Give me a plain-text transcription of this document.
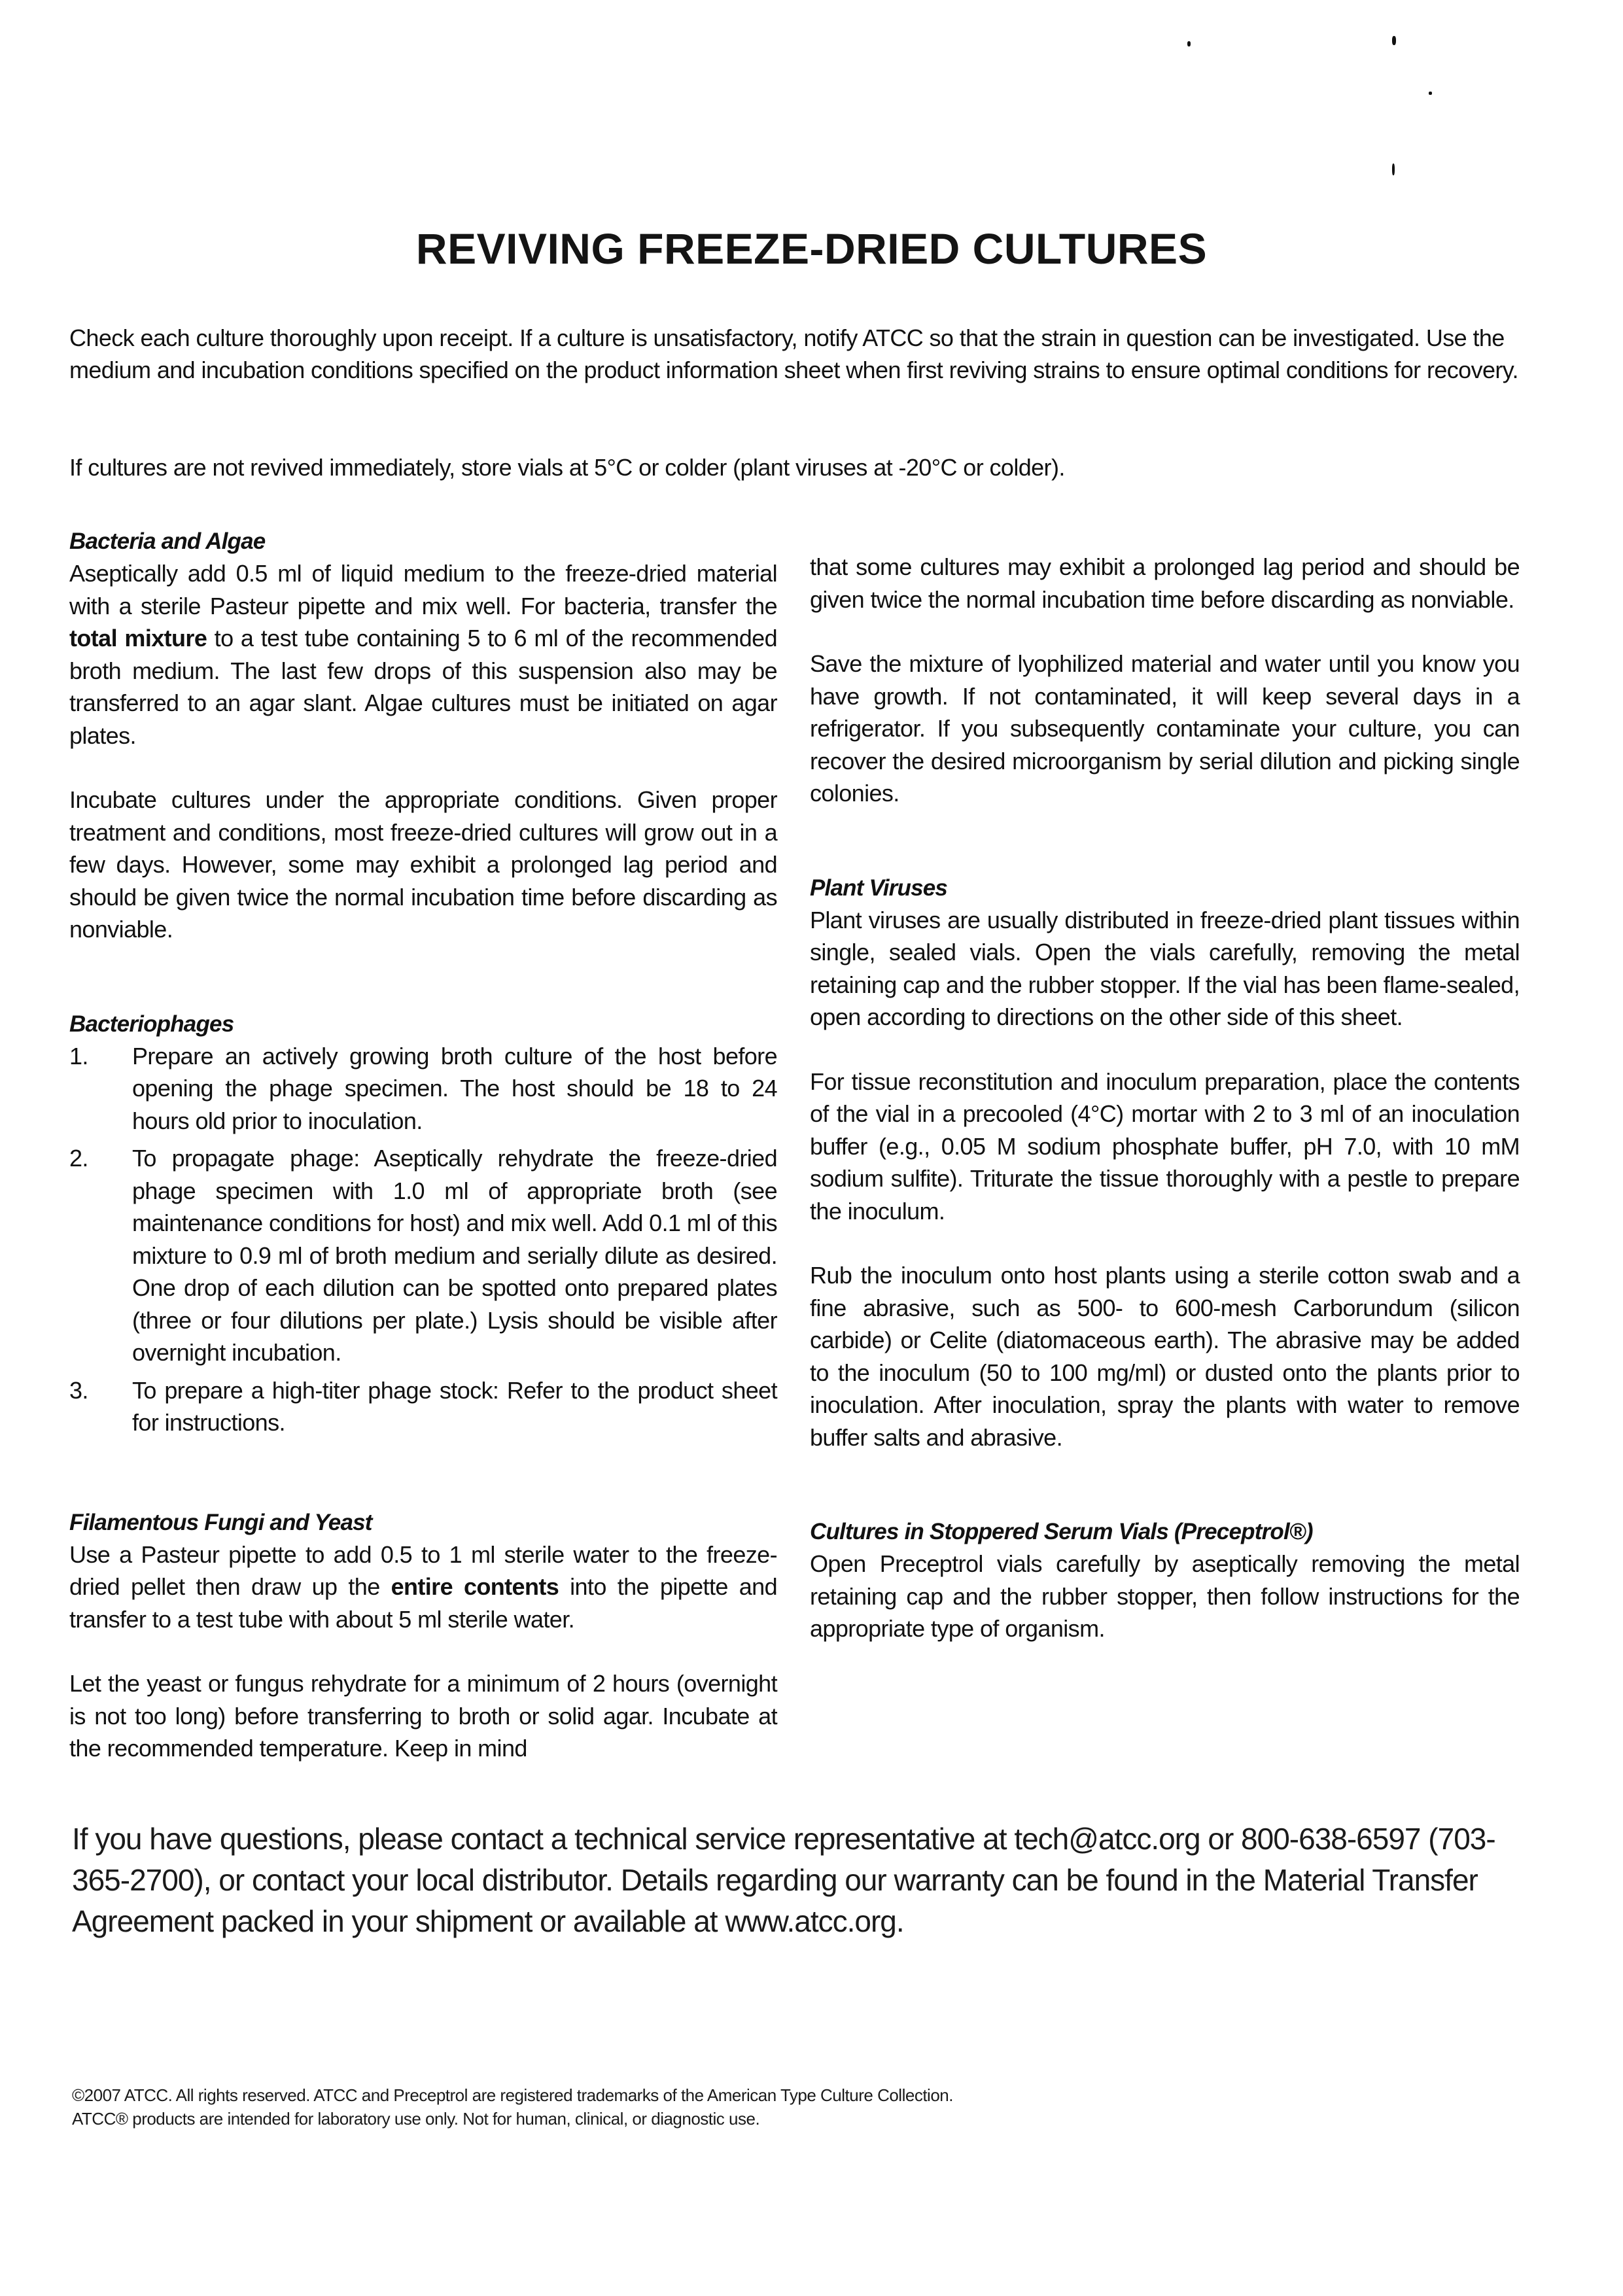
REVIVING FREEZE-DRIED CULTURES

Check each culture thoroughly upon receipt. If a culture is unsatisfactory, notify ATCC so that the strain in question can be investigated. Use the medium and incubation conditions specified on the product information sheet when first reviving strains to ensure optimal conditions for recovery.

If cultures are not revived immediately, store vials at 5°C or colder (plant viruses at -20°C or colder).

Bacteria and Algae

Aseptically add 0.5 ml of liquid medium to the freeze-dried material with a sterile Pasteur pipette and mix well. For bacteria, transfer the total mixture to a test tube containing 5 to 6 ml of the recommended broth medium. The last few drops of this suspension also may be transferred to an agar slant. Algae cultures must be initiated on agar plates.

Incubate cultures under the appropriate conditions. Given proper treatment and conditions, most freeze-dried cultures will grow out in a few days. However, some may exhibit a prolonged lag period and should be given twice the normal incubation time before discarding as nonviable.

Bacteriophages
1. Prepare an actively growing broth culture of the host before opening the phage specimen. The host should be 18 to 24 hours old prior to inoculation.
2. To propagate phage: Aseptically rehydrate the freeze-dried phage specimen with 1.0 ml of appropriate broth (see maintenance conditions for host) and mix well. Add 0.1 ml of this mixture to 0.9 ml of broth medium and serially dilute as desired. One drop of each dilution can be spotted onto prepared plates (three or four dilutions per plate.) Lysis should be visible after overnight incubation.
3. To prepare a high-titer phage stock: Refer to the product sheet for instructions.
Filamentous Fungi and Yeast

Use a Pasteur pipette to add 0.5 to 1 ml sterile water to the freeze-dried pellet then draw up the entire contents into the pipette and transfer to a test tube with about 5 ml sterile water.

Let the yeast or fungus rehydrate for a minimum of 2 hours (overnight is not too long) before transferring to broth or solid agar. Incubate at the recommended temperature. Keep in mind

that some cultures may exhibit a prolonged lag period and should be given twice the normal incubation time before discarding as nonviable.

Save the mixture of lyophilized material and water until you know you have growth. If not contaminated, it will keep several days in a refrigerator. If you subsequently contaminate your culture, you can recover the desired microorganism by serial dilution and picking single colonies.

Plant Viruses

Plant viruses are usually distributed in freeze-dried plant tissues within single, sealed vials. Open the vials carefully, removing the metal retaining cap and the rubber stopper. If the vial has been flame-sealed, open according to directions on the other side of this sheet.

For tissue reconstitution and inoculum preparation, place the contents of the vial in a precooled (4°C) mortar with 2 to 3 ml of an inoculation buffer (e.g., 0.05 M sodium phosphate buffer, pH 7.0, with 10 mM sodium sulfite). Triturate the tissue thoroughly with a pestle to prepare the inoculum.

Rub the inoculum onto host plants using a sterile cotton swab and a fine abrasive, such as 500- to 600-mesh Carborundum (silicon carbide) or Celite (diatomaceous earth). The abrasive may be added to the inoculum (50 to 100 mg/ml) or dusted onto the plants prior to inoculation. After inoculation, spray the plants with water to remove buffer salts and abrasive.

Cultures in Stoppered Serum Vials (Preceptrol®)

Open Preceptrol vials carefully by aseptically removing the metal retaining cap and the rubber stopper, then follow instructions for the appropriate type of organism.

If you have questions, please contact a technical service representative at tech@atcc.org or 800-638-6597 (703-365-2700), or contact your local distributor. Details regarding our warranty can be found in the Material Transfer Agreement packed in your shipment or available at www.atcc.org.

©2007 ATCC. All rights reserved. ATCC and Preceptrol are registered trademarks of the American Type Culture Collection.

ATCC® products are intended for laboratory use only. Not for human, clinical, or diagnostic use.
